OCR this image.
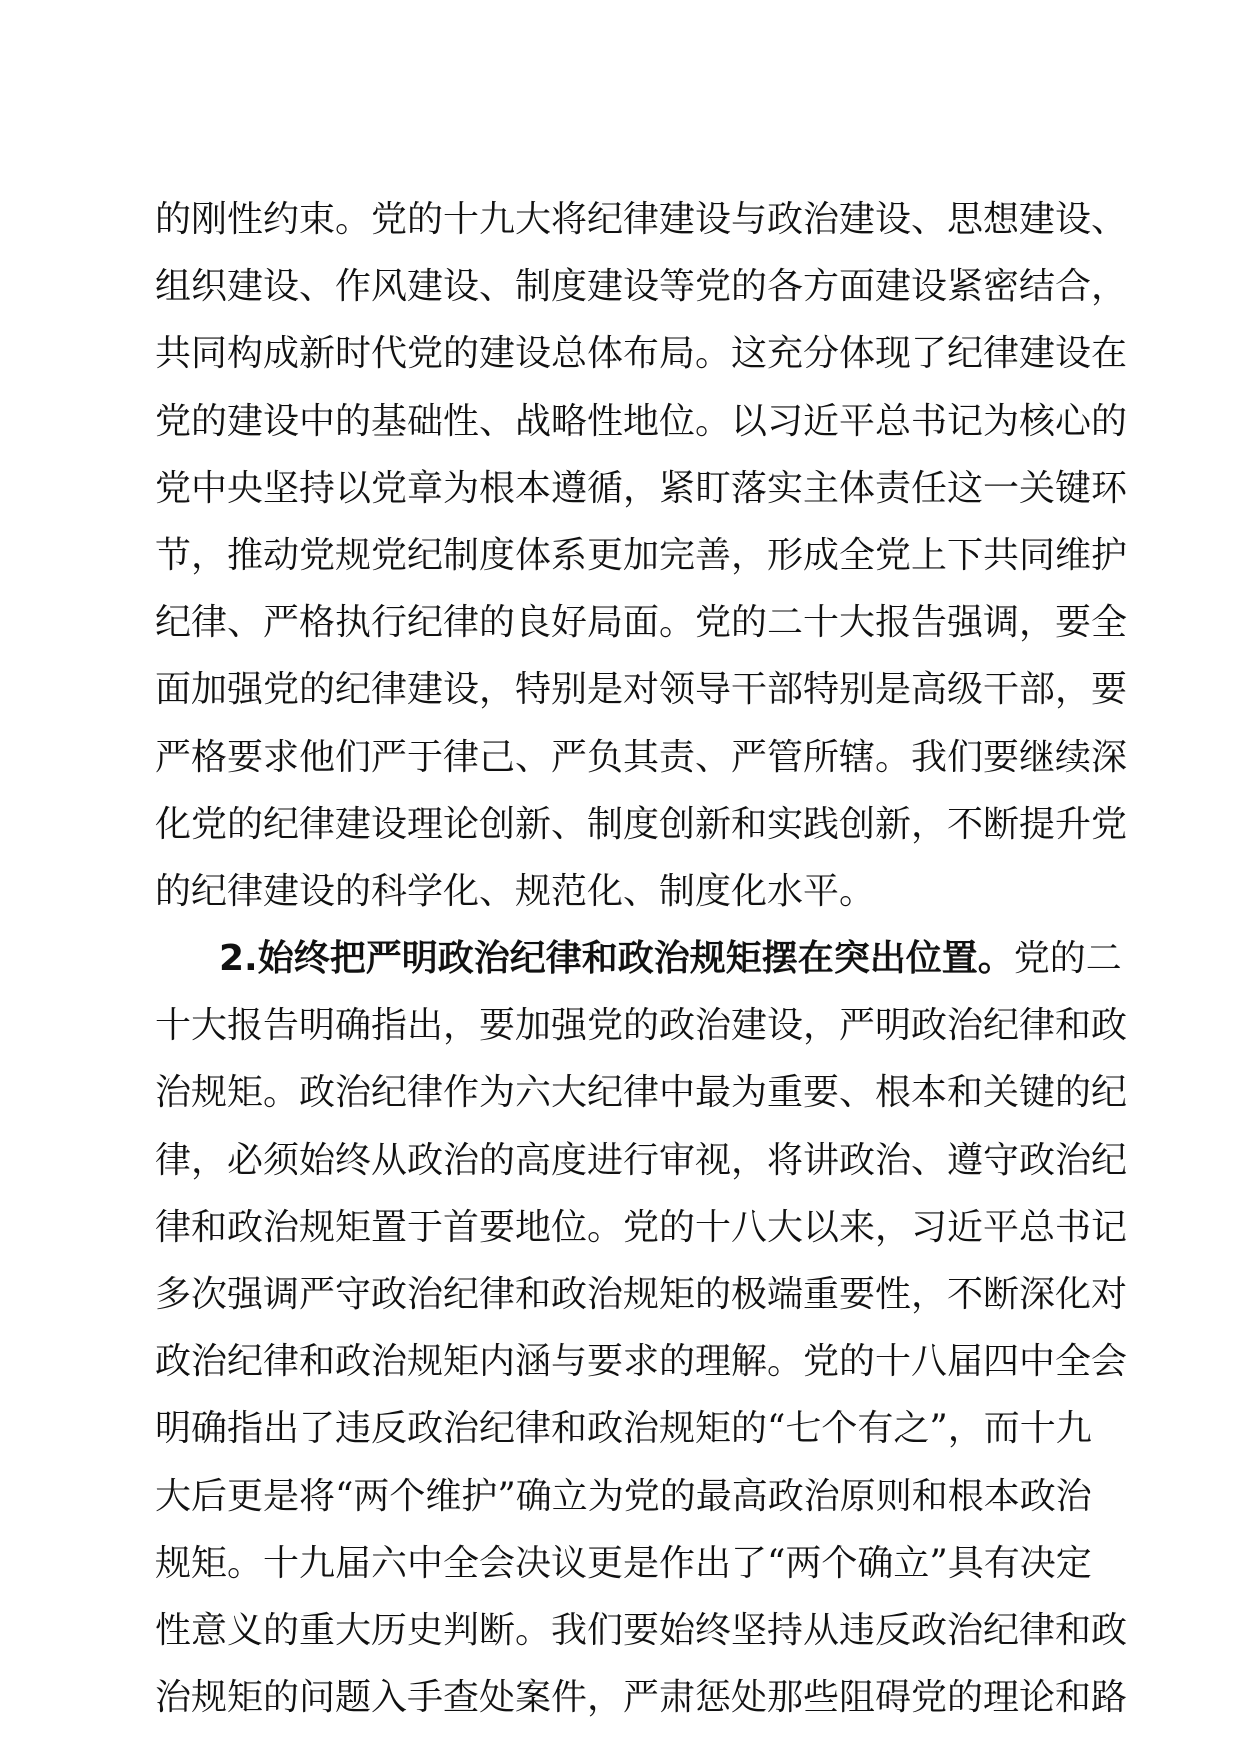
的刚性约束。党的十九大将纪律建设与政治建设、思想建设、
组织建设、作风建设、制度建设等党的各方面建设紧密结合，
共同构成新时代党的建设总体布局。这充分体现了纪律建设在
党的建设中的基础性、战略性地位。以习近平总书记为核心的
党中央坚持以党章为根本遵循，紧盯落实主体责任这一关键环
节，推动党规党纪制度体系更加完善，形成全党上下共同维护
纪律、严格执行纪律的良好局面。党的二十大报告强调，要全
面加强党的纪律建设，特别是对领导干部特别是高级干部，要
严格要求他们严于律己、严负其责、严管所辖。我们要继续深
化党的纪律建设理论创新、制度创新和实践创新，不断提升党
的纪律建设的科学化、规范化、制度化水平。
2.始终把严明政治纪律和政治规矩摆在突出位置。党的二
十大报告明确指出，要加强党的政治建设，严明政治纪律和政
治规矩。政治纪律作为六大纪律中最为重要、根本和关键的纪
律，必须始终从政治的高度进行审视，将讲政治、遵守政治纪
律和政治规矩置于首要地位。党的十八大以来，习近平总书记
多次强调严守政治纪律和政治规矩的极端重要性，不断深化对
政治纪律和政治规矩内涵与要求的理解。党的十八届四中全会
明确指出了违反政治纪律和政治规矩的“七个有之”，而十九
大后更是将“两个维护”确立为党的最高政治原则和根本政治
规矩。十九届六中全会决议更是作出了“两个确立”具有决定
性意义的重大历史判断。我们要始终坚持从违反政治纪律和政
治规矩的问题入手查处案件，严肃惩处那些阻碍党的理论和路
